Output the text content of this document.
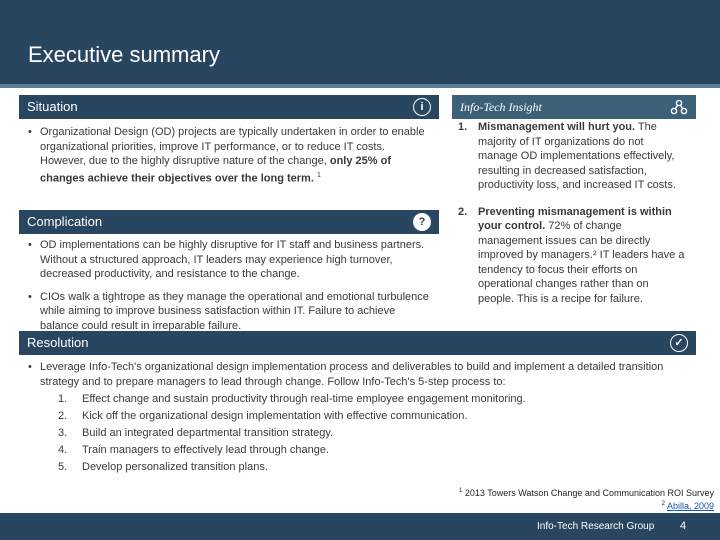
Executive summary
Situation	i
• Organizational Design (OD) projects are typically undertaken in order to enable organizational priorities, improve IT performance, or to reduce IT costs. However, due to the highly disruptive nature of the change, only 25% of changes achieve their objectives over the long term. $^1$
Complication	?
• OD implementations can be highly disruptive for IT staff and business partners. Without a structured approach, IT leaders may experience high turnover, decreased productivity, and resistance to the change.
• CIOs walk a tightrope as they manage the operational and emotional turbulence while aiming to improve business satisfaction within IT. Failure to achieve balance could result in irreparable failure.
Info-Tech Insight
1. Mismanagement will hurt you. The majority of IT organizations do not manage OD implementations effectively, resulting in decreased satisfaction, productivity loss, and increased IT costs.
2. Preventing mismanagement is within your control. 72% of change management issues can be directly improved by managers.² IT leaders have a tendency to focus their efforts on operational changes rather than on people. This is a recipe for failure.
Resolution	✓
• Leverage Info-Tech's organizational design implementation process and deliverables to build and implement a detailed transition strategy and to prepare managers to lead through change. Follow Info-Tech's 5-step process to:
1. Effect change and sustain productivity through real-time employee engagement monitoring.
2. Kick off the organizational design implementation with effective communication.
3. Build an integrated departmental transition strategy.
4. Train managers to effectively lead through change.
5. Develop personalized transition plans.
$^1$ 2013 Towers Watson Change and Communication ROI Survey
$^2$ Abilla, 2009
Info-Tech Research Group 4
